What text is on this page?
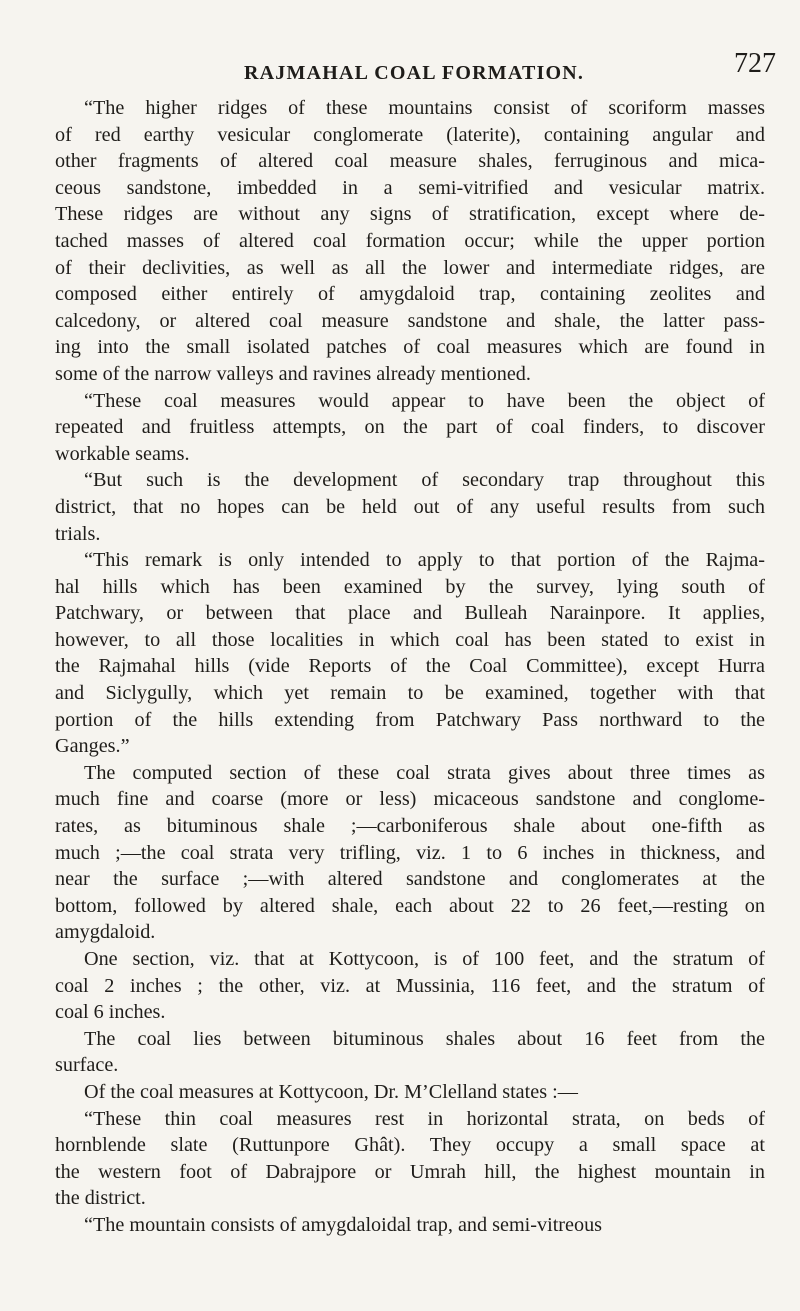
RAJMAHAL COAL FORMATION.	727
“The higher ridges of these mountains consist of scoriform masses
of red earthy vesicular conglomerate (laterite), containing angular and
other fragments of altered coal measure shales, ferruginous and mica-
ceous sandstone, imbedded in a semi-vitrified and vesicular matrix.
These ridges are without any signs of stratification, except where de-
tached masses of altered coal formation occur; while the upper portion
of their declivities, as well as all the lower and intermediate ridges, are
composed either entirely of amygdaloid trap, containing zeolites and
calcedony, or altered coal measure sandstone and shale, the latter pass-
ing into the small isolated patches of coal measures which are found in
some of the narrow valleys and ravines already mentioned.
“These coal measures would appear to have been the object of
repeated and fruitless attempts, on the part of coal finders, to discover
workable seams.
“But such is the development of secondary trap throughout this
district, that no hopes can be held out of any useful results from such
trials.
“This remark is only intended to apply to that portion of the Rajma-
hal hills which has been examined by the survey, lying south of
Patchwary, or between that place and Bulleah Narainpore. It applies,
however, to all those localities in which coal has been stated to exist in
the Rajmahal hills (vide Reports of the Coal Committee), except Hurra
and Siclygully, which yet remain to be examined, together with that
portion of the hills extending from Patchwary Pass northward to the
Ganges.”
The computed section of these coal strata gives about three times as
much fine and coarse (more or less) micaceous sandstone and conglome-
rates, as bituminous shale ;—carboniferous shale about one-fifth as
much ;—the coal strata very trifling, viz. 1 to 6 inches in thickness, and
near the surface ;—with altered sandstone and conglomerates at the
bottom, followed by altered shale, each about 22 to 26 feet,—resting on
amygdaloid.
One section, viz. that at Kottycoon, is of 100 feet, and the stratum of
coal 2 inches ; the other, viz. at Mussinia, 116 feet, and the stratum of
coal 6 inches.
The coal lies between bituminous shales about 16 feet from the
surface.
Of the coal measures at Kottycoon, Dr. M’Clelland states :—
“These thin coal measures rest in horizontal strata, on beds of
hornblende slate (Ruttunpore Ghât). They occupy a small space at
the western foot of Dabrajpore or Umrah hill, the highest mountain in
the district.
“The mountain consists of amygdaloidal trap, and semi-vitreous
